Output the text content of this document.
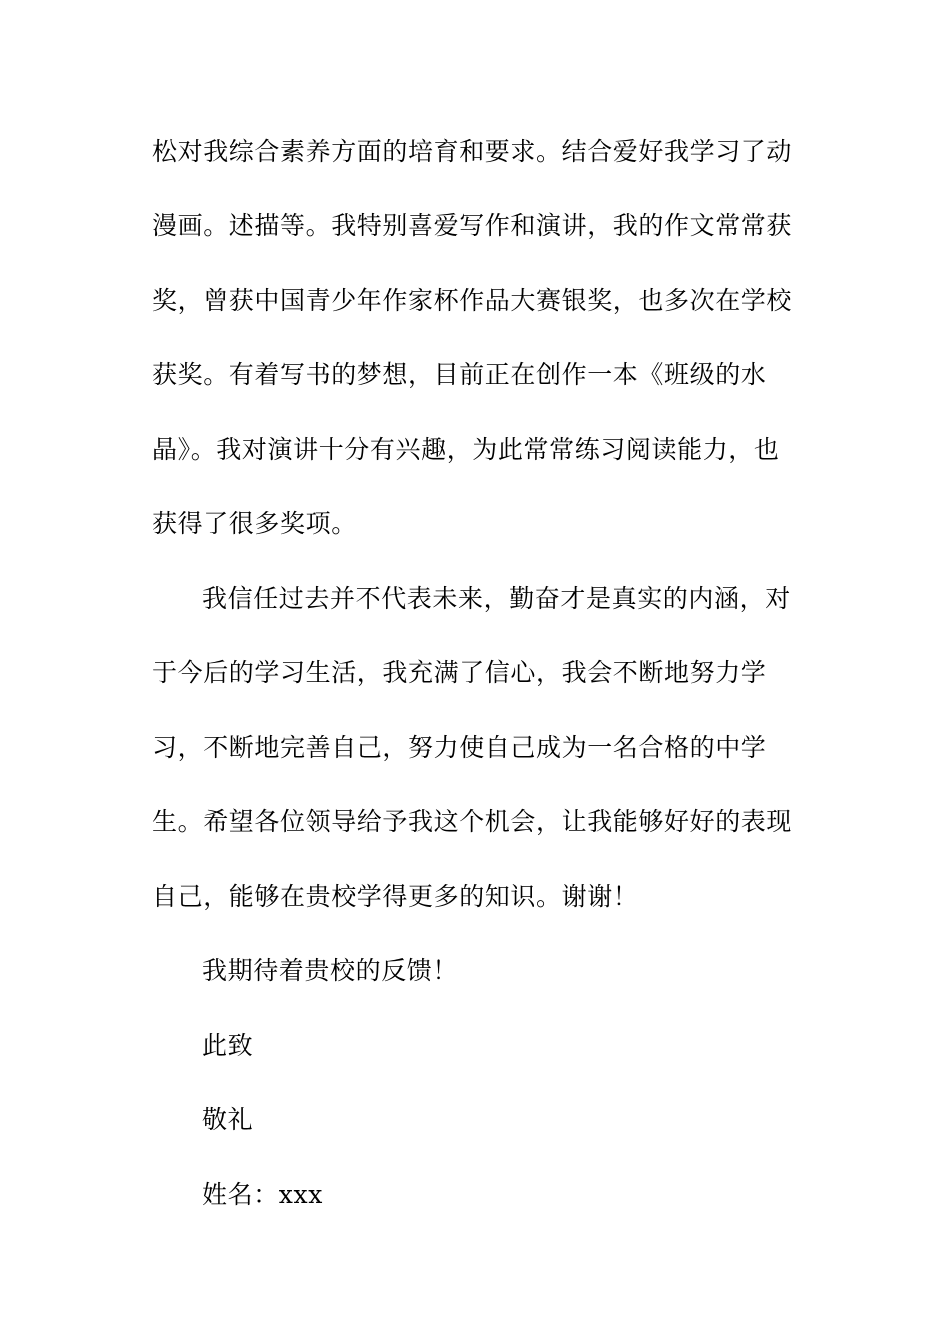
松对我综合素养方面的培育和要求。结合爱好我学习了动
漫画。述描等。我特别喜爱写作和演讲，我的作文常常获
奖，曾获中国青少年作家杯作品大赛银奖，也多次在学校
获奖。有着写书的梦想，目前正在创作一本《班级的水
晶》。我对演讲十分有兴趣，为此常常练习阅读能力，也
获得了很多奖项。
我信任过去并不代表未来，勤奋才是真实的内涵，对
于今后的学习生活，我充满了信心，我会不断地努力学
习，不断地完善自己，努力使自己成为一名合格的中学
生。希望各位领导给予我这个机会，让我能够好好的表现
自己，能够在贵校学得更多的知识。谢谢！
我期待着贵校的反馈！
此致
敬礼
姓名：xxx
